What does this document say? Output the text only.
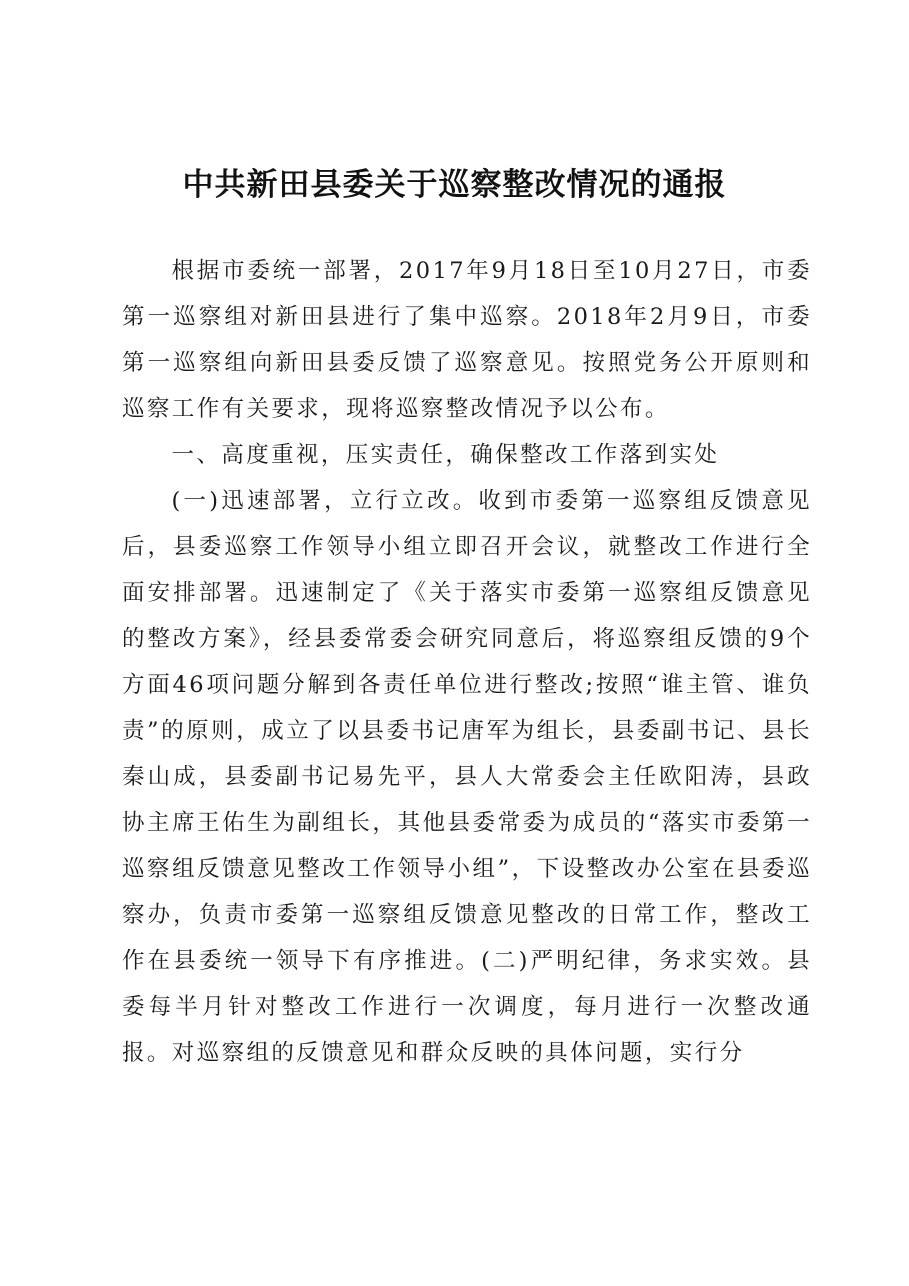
中共新田县委关于巡察整改情况的通报

根据市委统一部署，2017年9月18日至10月27日，市委第一巡察组对新田县进行了集中巡察。2018年2月9日，市委第一巡察组向新田县委反馈了巡察意见。按照党务公开原则和巡察工作有关要求，现将巡察整改情况予以公布。

一、高度重视，压实责任，确保整改工作落到实处

(一)迅速部署，立行立改。收到市委第一巡察组反馈意见后，县委巡察工作领导小组立即召开会议，就整改工作进行全面安排部署。迅速制定了《关于落实市委第一巡察组反馈意见的整改方案》，经县委常委会研究同意后，将巡察组反馈的9个方面46项问题分解到各责任单位进行整改;按照“谁主管、谁负责”的原则，成立了以县委书记唐军为组长，县委副书记、县长秦山成，县委副书记易先平，县人大常委会主任欧阳涛，县政协主席王佑生为副组长，其他县委常委为成员的“落实市委第一巡察组反馈意见整改工作领导小组”，下设整改办公室在县委巡察办，负责市委第一巡察组反馈意见整改的日常工作，整改工作在县委统一领导下有序推进。(二)严明纪律，务求实效。县委每半月针对整改工作进行一次调度，每月进行一次整改通报。对巡察组的反馈意见和群众反映的具体问题，实行分
